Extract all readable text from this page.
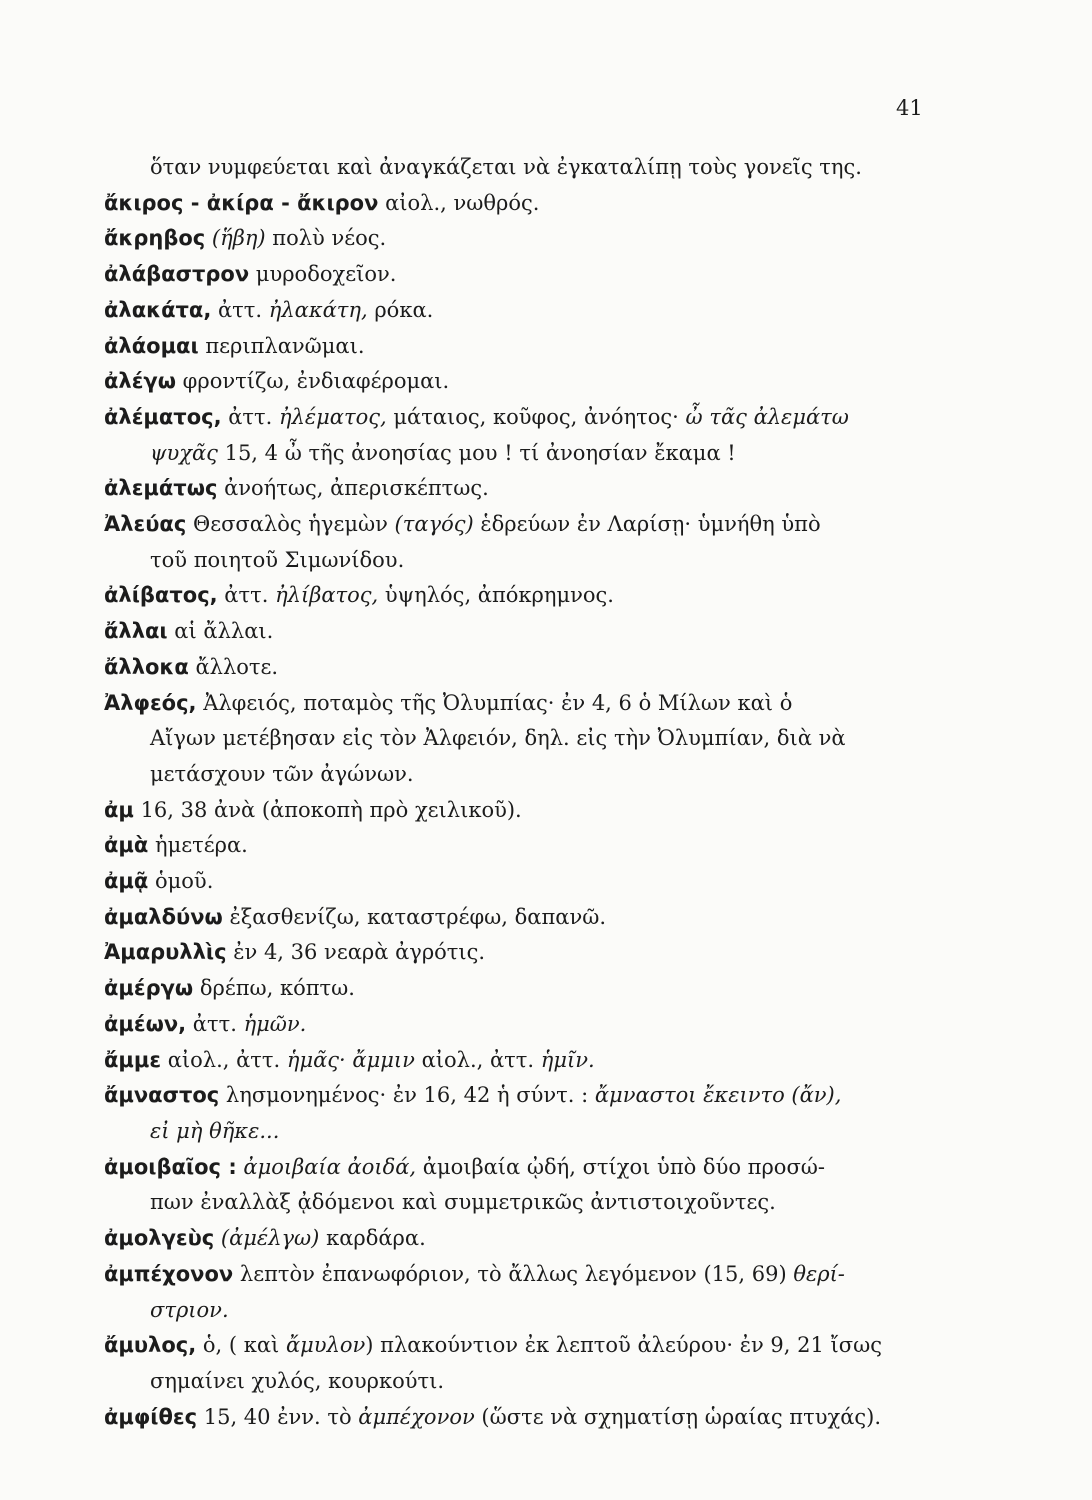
41
ὅταν νυμφεύεται καὶ ἀναγκάζεται νὰ ἐγκαταλίπῃ τοὺς γονεῖς της.
ἄκιρος - ἀκίρα - ἄκιρον αἰολ., νωθρός.
ἄκρηβος (ἥβη) πολὺ νέος.
ἀλάβαστρον μυροδοχεῖον.
ἀλακάτα, ἀττ. ἠλακάτη, ρόκα.
ἀλάομαι περιπλανῶμαι.
ἀλέγω φροντίζω, ἐνδιαφέρομαι.
ἀλέματος, ἀττ. ἠλέματος, μάταιος, κοῦφος, ἀνόητος· ὦ τᾶς ἀλεμάτω
ψυχᾶς 15, 4 ὦ τῆς ἀνοησίας μου ! τί ἀνοησίαν ἔκαμα !
ἀλεμάτως ἀνοήτως, ἀπερισκέπτως.
Ἀλεύας Θεσσαλὸς ἡγεμὼν (ταγός) ἑδρεύων ἐν Λαρίσῃ· ὑμνήθη ὑπὸ
τοῦ ποιητοῦ Σιμωνίδου.
ἀλίβατος, ἀττ. ἠλίβατος, ὑψηλός, ἀπόκρημνος.
ἄλλαι αἱ ἄλλαι.
ἄλλοκα ἄλλοτε.
Ἀλφεός, Ἀλφειός, ποταμὸς τῆς Ὀλυμπίας· ἐν 4, 6 ὁ Μίλων καὶ ὁ
Αἴγων μετέβησαν εἰς τὸν Ἀλφειόν, δηλ. εἰς τὴν Ὀλυμπίαν, διὰ νὰ
μετάσχουν τῶν ἀγώνων.
ἀμ 16, 38 ἀνὰ (ἀποκοπὴ πρὸ χειλικοῦ).
ἀμὰ ἡμετέρα.
ἀμᾷ ὁμοῦ.
ἀμαλδύνω ἐξασθενίζω, καταστρέφω, δαπανῶ.
Ἀμαρυλλὶς ἐν 4, 36 νεαρὰ ἀγρότις.
ἀμέργω δρέπω, κόπτω.
ἀμέων, ἀττ. ἡμῶν.
ἄμμε αἰολ., ἀττ. ἡμᾶς· ἄμμιν αἰολ., ἀττ. ἡμῖν.
ἄμναστος λησμονημένος· ἐν 16, 42 ἡ σύντ. : ἄμναστοι ἔκειντο (ἄν),
εἰ μὴ θῆκε...
ἀμοιβαῖος : ἀμοιβαία ἀοιδά, ἀμοιβαία ᾠδή, στίχοι ὑπὸ δύο προσώ-
πων ἐναλλὰξ ᾀδόμενοι καὶ συμμετρικῶς ἀντιστοιχοῦντες.
ἀμολγεὺς (ἀμέλγω) καρδάρα.
ἀμπέχονον λεπτὸν ἐπανωφόριον, τὸ ἄλλως λεγόμενον (15, 69) θερί-
στριον.
ἄμυλος, ὁ, ( καὶ ἄμυλον) πλακούντιον ἐκ λεπτοῦ ἀλεύρου· ἐν 9, 21 ἴσως
σημαίνει χυλός, κουρκούτι.
ἀμφίθες 15, 40 ἐνν. τὸ ἀμπέχονον (ὥστε νὰ σχηματίσῃ ὡραίας πτυχάς).
